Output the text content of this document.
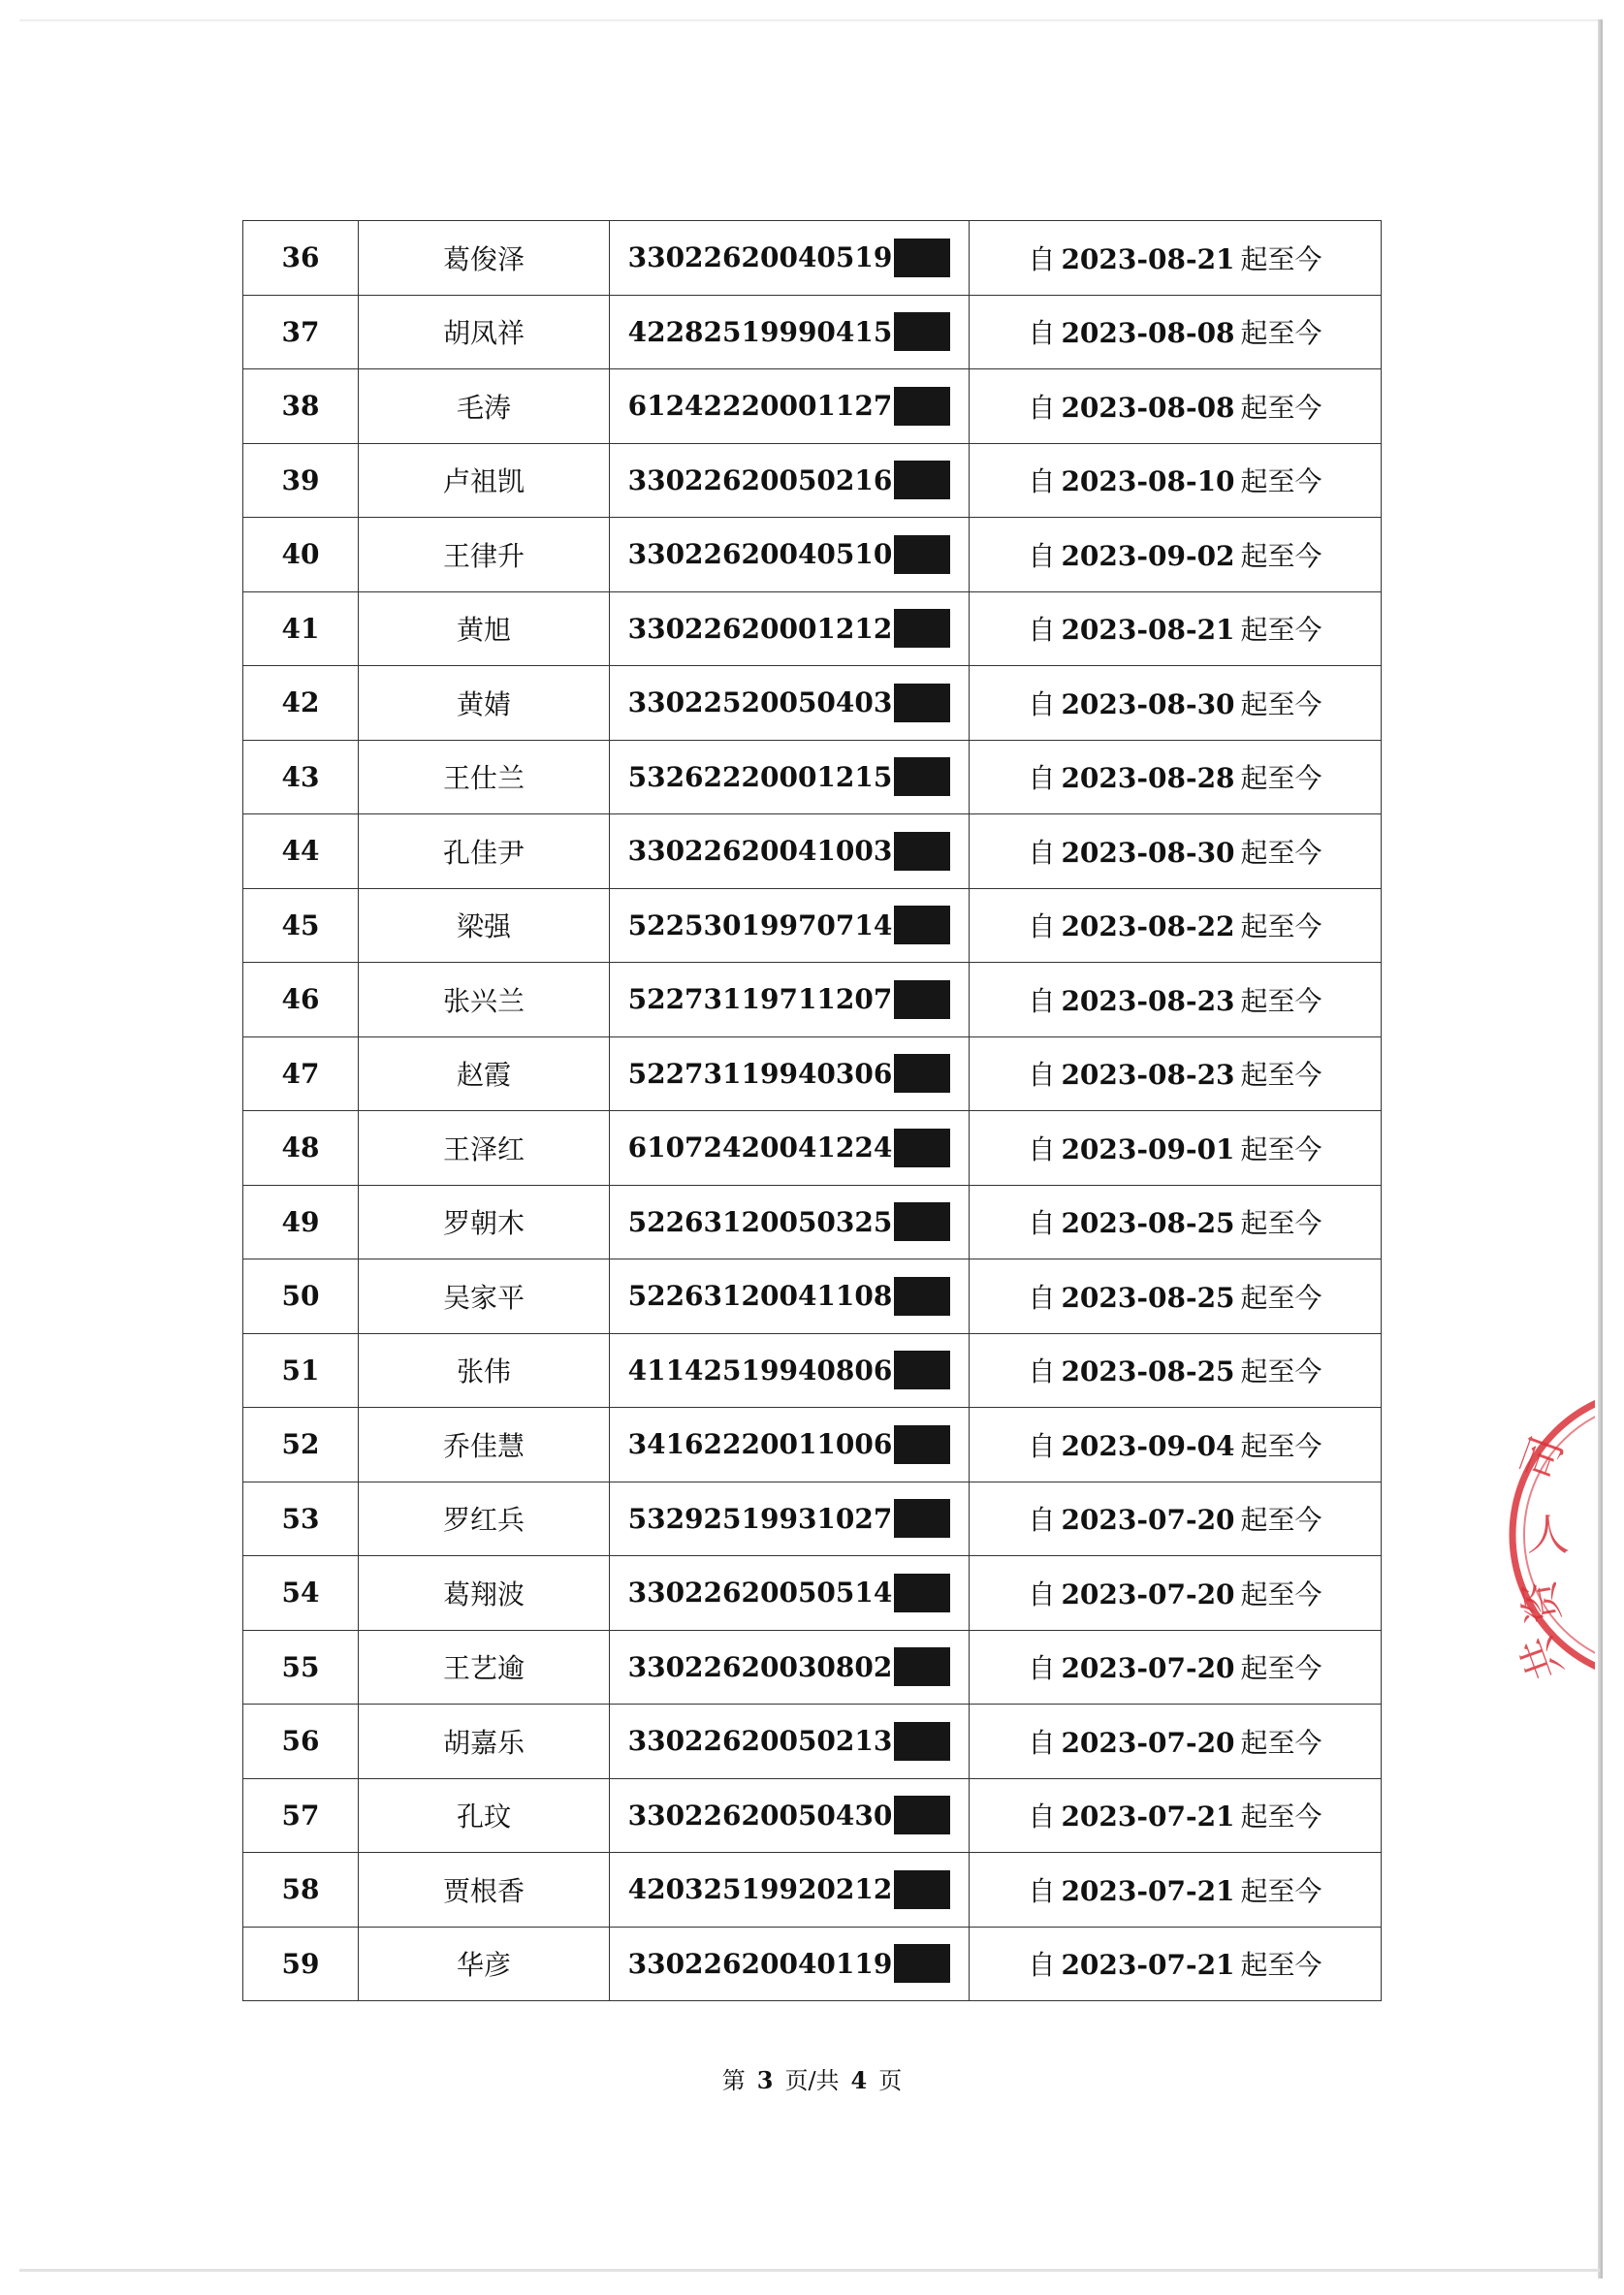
36	葛俊泽	33022620040519	自 2023-08-21 起至今
37	胡凤祥	42282519990415	自 2023-08-08 起至今
38	毛涛	61242220001127	自 2023-08-08 起至今
39	卢祖凯	33022620050216	自 2023-08-10 起至今
40	王律升	33022620040510	自 2023-09-02 起至今
41	黄旭	33022620001212	自 2023-08-21 起至今
42	黄婧	33022520050403	自 2023-08-30 起至今
43	王仕兰	53262220001215	自 2023-08-28 起至今
44	孔佳尹	33022620041003	自 2023-08-30 起至今
45	梁强	52253019970714	自 2023-08-22 起至今
46	张兴兰	52273119711207	自 2023-08-23 起至今
47	赵霞	52273119940306	自 2023-08-23 起至今
48	王泽红	61072420041224	自 2023-09-01 起至今
49	罗朝木	52263120050325	自 2023-08-25 起至今
50	吴家平	52263120041108	自 2023-08-25 起至今
51	张伟	41142519940806	自 2023-08-25 起至今
52	乔佳慧	34162220011006	自 2023-09-04 起至今
53	罗红兵	53292519931027	自 2023-07-20 起至今
54	葛翔波	33022620050514	自 2023-07-20 起至今
55	王艺逾	33022620030802	自 2023-07-20 起至今
56	胡嘉乐	33022620050213	自 2023-07-20 起至今
57	孔玟	33022620050430	自 2023-07-21 起至今
58	贾根香	42032519920212	自 2023-07-21 起至今
59	华彦	33022620040119	自 2023-07-21 起至今
第 3 页/共 4 页
司
人
资
共
